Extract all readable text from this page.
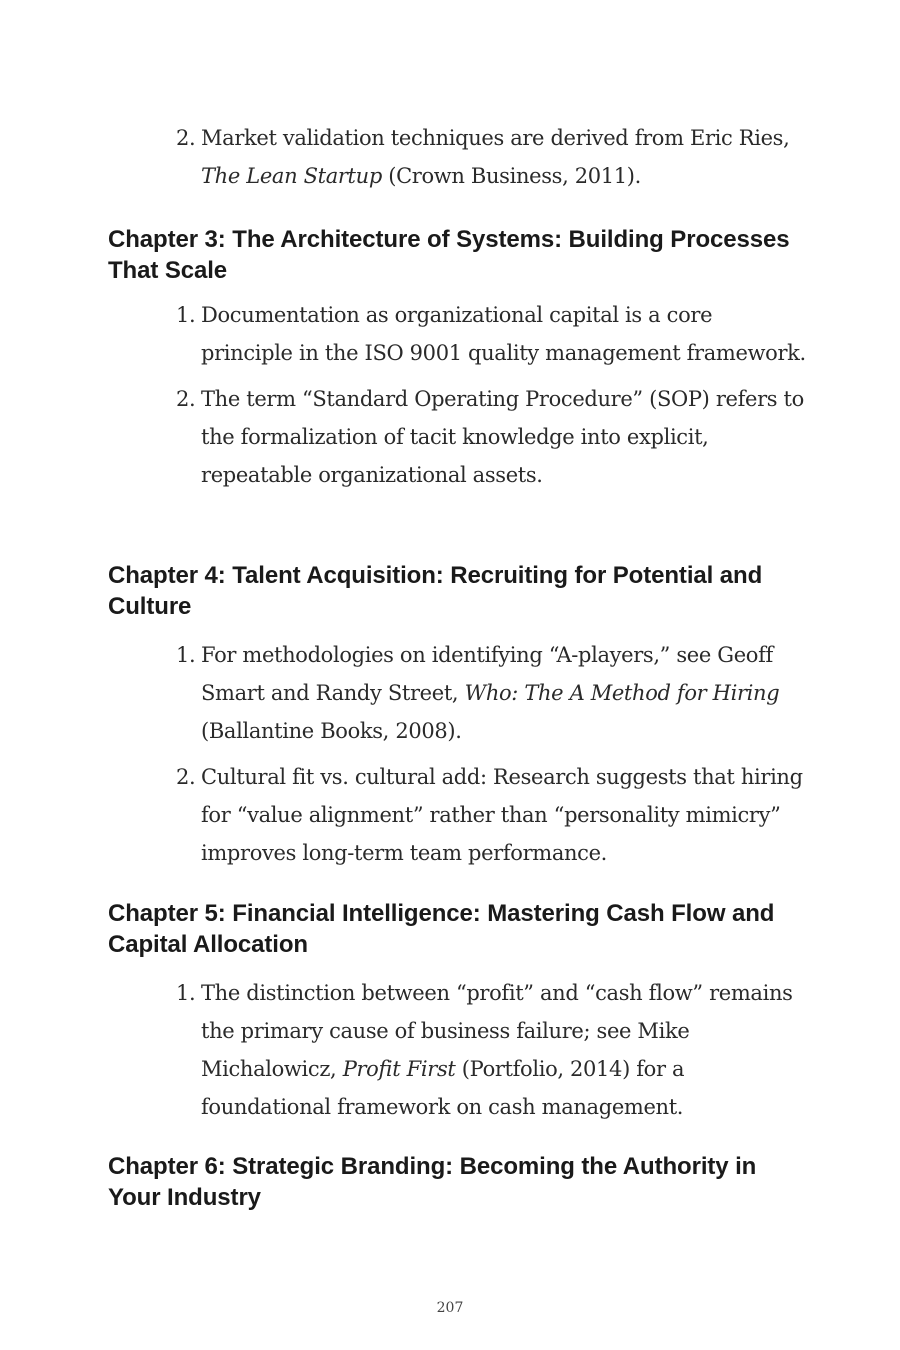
2. Market validation techniques are derived from Eric Ries, The Lean Startup (Crown Business, 2011).
Chapter 3: The Architecture of Systems: Building Processes That Scale
1. Documentation as organizational capital is a core principle in the ISO 9001 quality management framework.
2. The term “Standard Operating Procedure” (SOP) refers to the formalization of tacit knowledge into explicit, repeatable organizational assets.
Chapter 4: Talent Acquisition: Recruiting for Potential and Culture
1. For methodologies on identifying “A-players,” see Geoff Smart and Randy Street, Who: The A Method for Hiring (Ballantine Books, 2008).
2. Cultural fit vs. cultural add: Research suggests that hiring for “value alignment” rather than “personality mimicry” improves long-term team performance.
Chapter 5: Financial Intelligence: Mastering Cash Flow and Capital Allocation
1. The distinction between “profit” and “cash flow” remains the primary cause of business failure; see Mike Michalowicz, Profit First (Portfolio, 2014) for a foundational framework on cash management.
Chapter 6: Strategic Branding: Becoming the Authority in Your Industry
207
